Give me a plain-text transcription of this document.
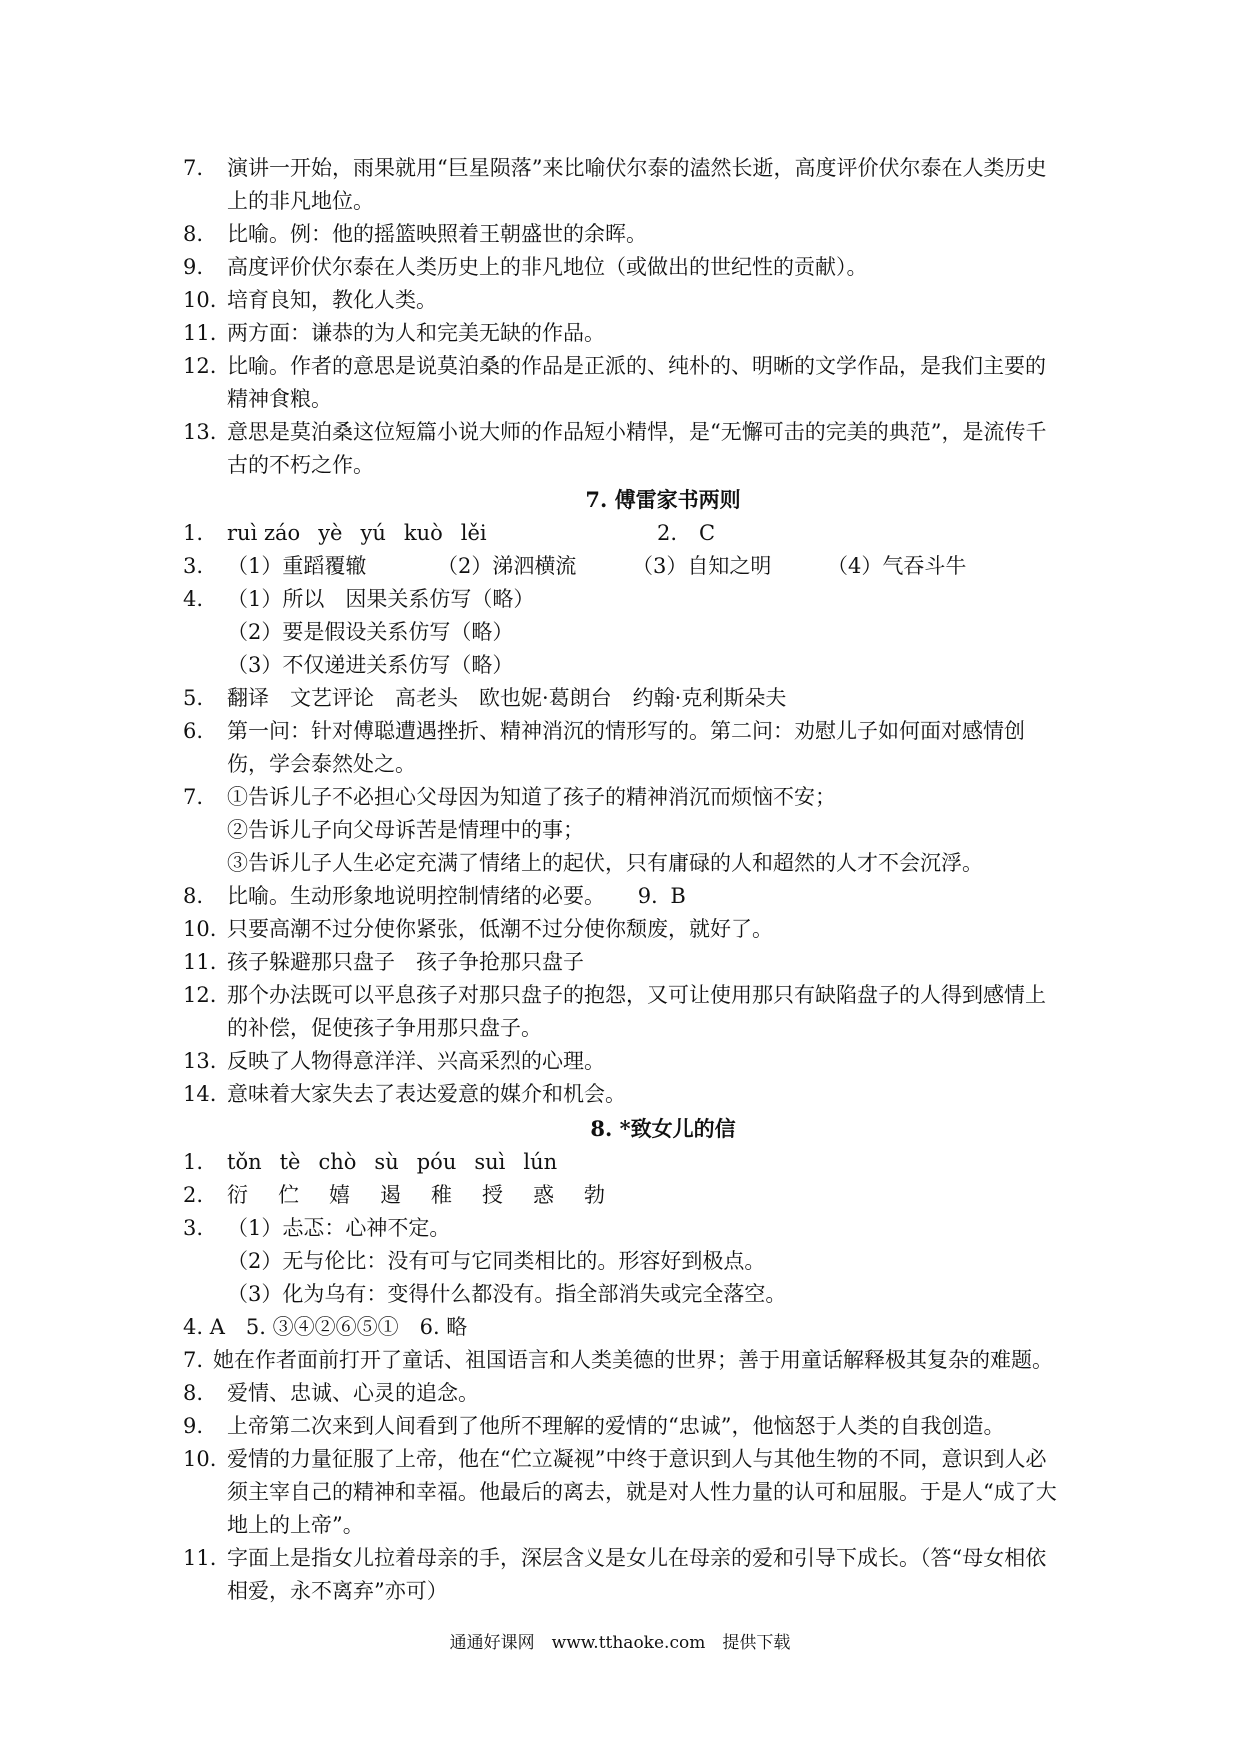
7.	演讲一开始，雨果就用“巨星陨落”来比喻伏尔泰的溘然长逝，高度评价伏尔泰在人类历史上的非凡地位。
8.	比喻。例：他的摇篮映照着王朝盛世的余晖。
9.	高度评价伏尔泰在人类历史上的非凡地位（或做出的世纪性的贡献）。
10. 培育良知，教化人类。
11. 两方面：谦恭的为人和完美无缺的作品。
12. 比喻。作者的意思是说莫泊桑的作品是正派的、纯朴的、明晰的文学作品，是我们主要的精神食粮。
13. 意思是莫泊桑这位短篇小说大师的作品短小精悍，是“无懈可击的完美的典范”，是流传千古的不朽之作。
7. 傅雷家书两则
1.	ruì záo yè yú kuò lěi	2.	C
3.	（1）重蹈覆辙	（2）涕泗横流	（3）自知之明	（4）气吞斗牛
4.	（1）所以　因果关系仿写（略）
（2）要是假设关系仿写（略）
（3）不仅递进关系仿写（略）
5.	翻译　文艺评论　高老头　欧也妮·葛朗台　约翰·克利斯朵夫
6.	第一问：针对傅聪遭遇挫折、精神消沉的情形写的。第二问：劝慰儿子如何面对感情创伤，学会泰然处之。
7.	①告诉儿子不必担心父母因为知道了孩子的精神消沉而烦恼不安；
②告诉儿子向父母诉苦是情理中的事；
③告诉儿子人生必定充满了情绪上的起伏，只有庸碌的人和超然的人才不会沉浮。
8.	比喻。生动形象地说明控制情绪的必要。 9. B
10. 只要高潮不过分使你紧张，低潮不过分使你颓废，就好了。
11. 孩子躲避那只盘子　孩子争抢那只盘子
12. 那个办法既可以平息孩子对那只盘子的抱怨，又可让使用那只有缺陷盘子的人得到感情上的补偿，促使孩子争用那只盘子。
13. 反映了人物得意洋洋、兴高采烈的心理。
14. 意味着大家失去了表达爱意的媒介和机会。
8. *致女儿的信
1.	tǒn tè chò sù póu suì lún
2.	衍 伫 嬉 遏 稚 授 惑 勃
3.	（1）忐忑：心神不定。
（2）无与伦比：没有可与它同类相比的。形容好到极点。
（3）化为乌有：变得什么都没有。指全部消失或完全落空。
4. A　5. ③④②⑥⑤①　6. 略
7. 她在作者面前打开了童话、祖国语言和人类美德的世界；善于用童话解释极其复杂的难题。
8.	爱情、忠诚、心灵的追念。
9.	上帝第二次来到人间看到了他所不理解的爱情的“忠诚”，他恼怒于人类的自我创造。
10. 爱情的力量征服了上帝，他在“伫立凝视”中终于意识到人与其他生物的不同，意识到人必须主宰自己的精神和幸福。他最后的离去，就是对人性力量的认可和屈服。于是人“成了大地上的上帝”。
11. 字面上是指女儿拉着母亲的手，深层含义是女儿在母亲的爱和引导下成长。（答“母女相依相爱，永不离弃”亦可）
通通好课网　www.tthaoke.com　提供下载
